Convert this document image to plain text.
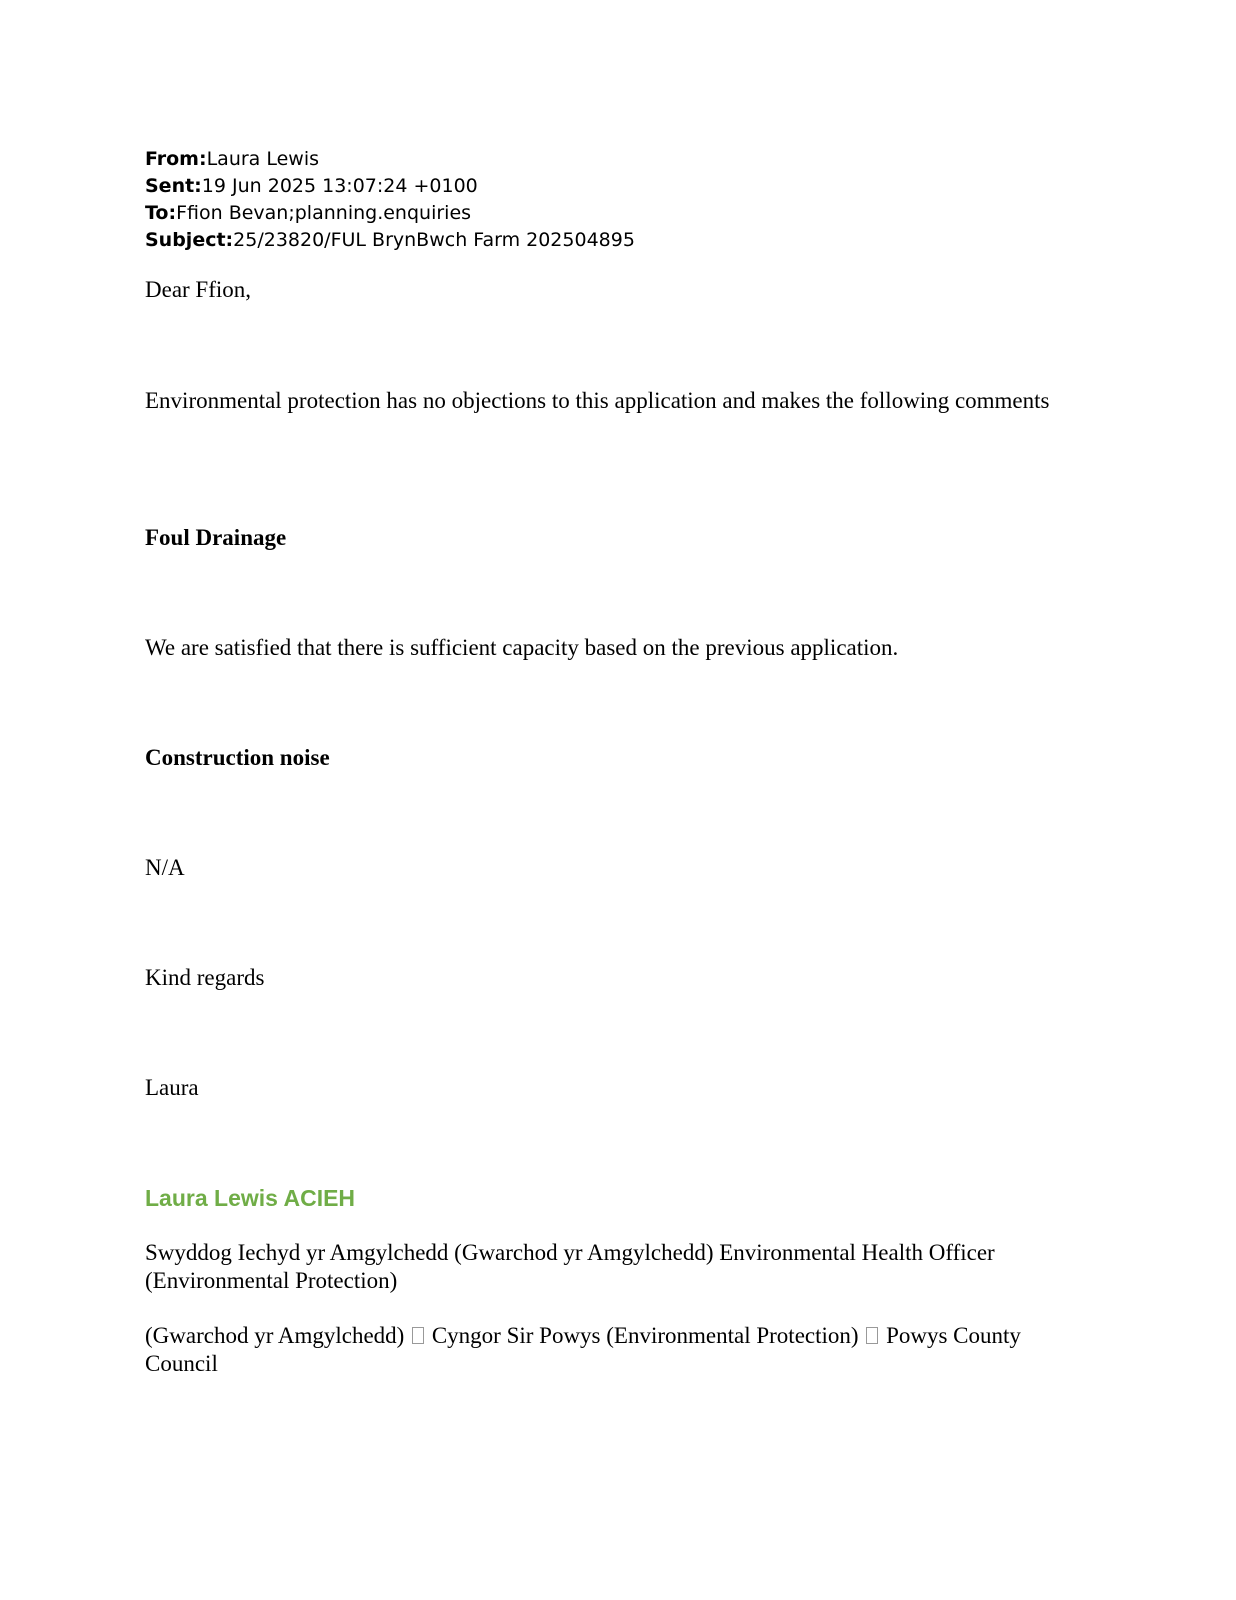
From:Laura Lewis
Sent:19 Jun 2025 13:07:24 +0100
To:Ffion Bevan;planning.enquiries
Subject:25/23820/FUL BrynBwch Farm 202504895
Dear Ffion,
Environmental protection has no objections to this application and makes the following comments
Foul Drainage
We are satisfied that there is sufficient capacity based on the previous application.
Construction noise
N/A
Kind regards
Laura
Laura Lewis ACIEH
Swyddog Iechyd yr Amgylchedd (Gwarchod yr Amgylchedd) Environmental Health Officer (Environmental Protection)
(Gwarchod yr Amgylchedd) Cyngor Sir Powys (Environmental Protection) Powys County Council
